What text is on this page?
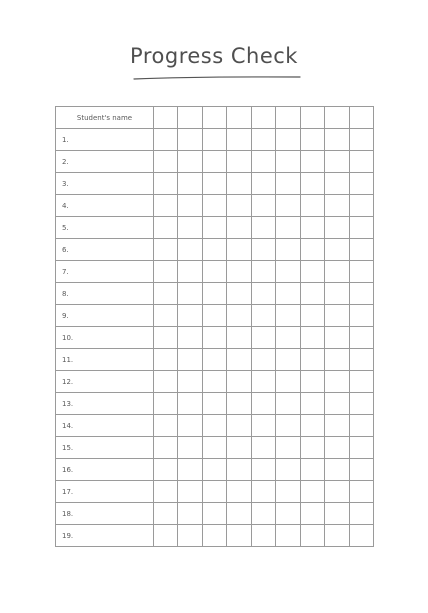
Progress Check
Student's name									
1.									
2.									
3.									
4.									
5.									
6.									
7.									
8.									
9.									
10.									
11.									
12.									
13.									
14.									
15.									
16.									
17.									
18.									
19.									
